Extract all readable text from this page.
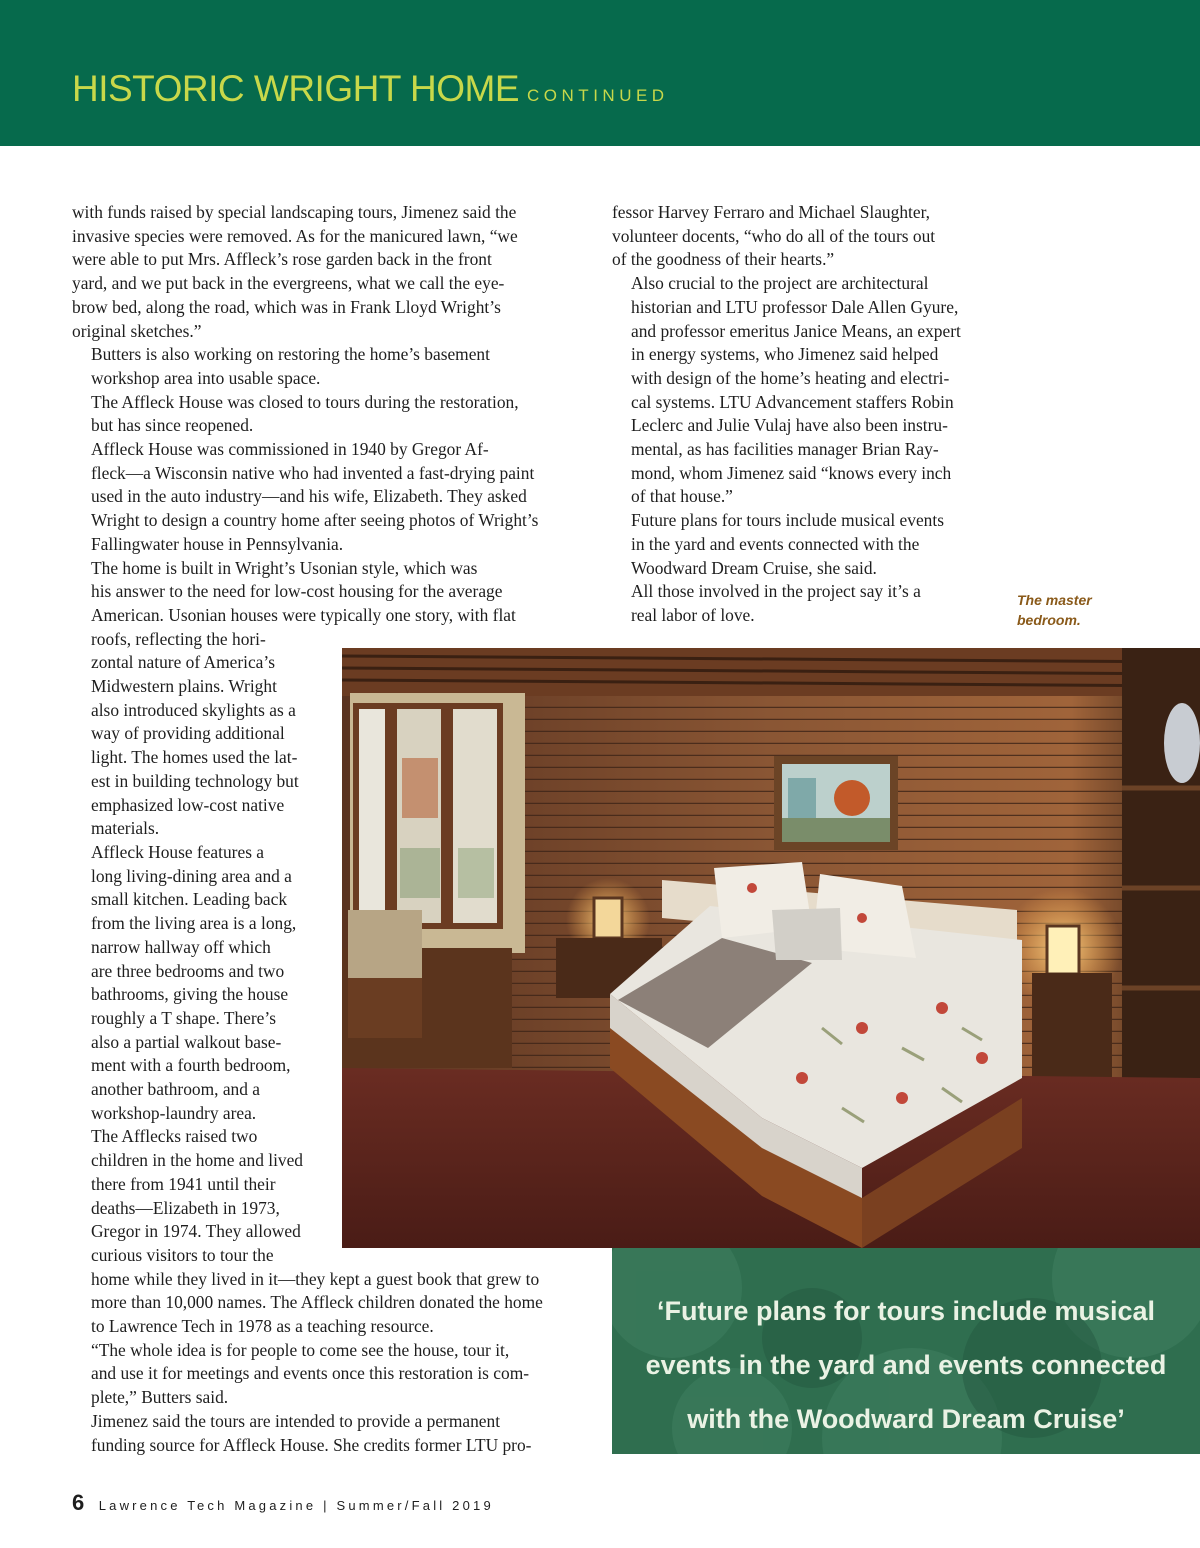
HISTORIC WRIGHT HOME CONTINUED

with funds raised by special landscaping tours, Jimenez said the
invasive species were removed. As for the manicured lawn, “we
were able to put Mrs. Affleck’s rose garden back in the front
yard, and we put back in the evergreens, what we call the eye-
brow bed, along the road, which was in Frank Lloyd Wright’s
original sketches.”

Butters is also working on restoring the home’s basement
workshop area into usable space.

The Affleck House was closed to tours during the restoration,
but has since reopened.

Affleck House was commissioned in 1940 by Gregor Af-
fleck—a Wisconsin native who had invented a fast-drying paint
used in the auto industry—and his wife, Elizabeth. They asked
Wright to design a country home after seeing photos of Wright’s
Fallingwater house in Pennsylvania.

The home is built in Wright’s Usonian style, which was
his answer to the need for low-cost housing for the average
American. Usonian houses were typically one story, with flat
roofs, reflecting the hori-
zontal nature of America’s
Midwestern plains. Wright
also introduced skylights as a
way of providing additional
light. The homes used the lat-
est in building technology but
emphasized low-cost native
materials.

Affleck House features a
long living-dining area and a
small kitchen. Leading back
from the living area is a long,
narrow hallway off which
are three bedrooms and two
bathrooms, giving the house
roughly a T shape. There’s
also a partial walkout base-
ment with a fourth bedroom,
another bathroom, and a
workshop-laundry area.

The Afflecks raised two
children in the home and lived
there from 1941 until their
deaths—Elizabeth in 1973,
Gregor in 1974. They allowed
curious visitors to tour the
home while they lived in it—they kept a guest book that grew to
more than 10,000 names. The Affleck children donated the home
to Lawrence Tech in 1978 as a teaching resource.

“The whole idea is for people to come see the house, tour it,
and use it for meetings and events once this restoration is com-
plete,” Butters said.

Jimenez said the tours are intended to provide a permanent
funding source for Affleck House. She credits former LTU pro-

fessor Harvey Ferraro and Michael Slaughter,
volunteer docents, “who do all of the tours out
of the goodness of their hearts.”

Also crucial to the project are architectural
historian and LTU professor Dale Allen Gyure,
and professor emeritus Janice Means, an expert
in energy systems, who Jimenez said helped
with design of the home’s heating and electri-
cal systems. LTU Advancement staffers Robin
Leclerc and Julie Vulaj have also been instru-
mental, as has facilities manager Brian Ray-
mond, whom Jimenez said “knows every inch
of that house.”

Future plans for tours include musical events
in the yard and events connected with the
Woodward Dream Cruise, she said.

All those involved in the project say it’s a
real labor of love.

The master
bedroom.
‘Future plans for tours include musical
events in the yard and events connected
with the Woodward Dream Cruise’
6 Lawrence Tech Magazine | Summer/Fall 2019
